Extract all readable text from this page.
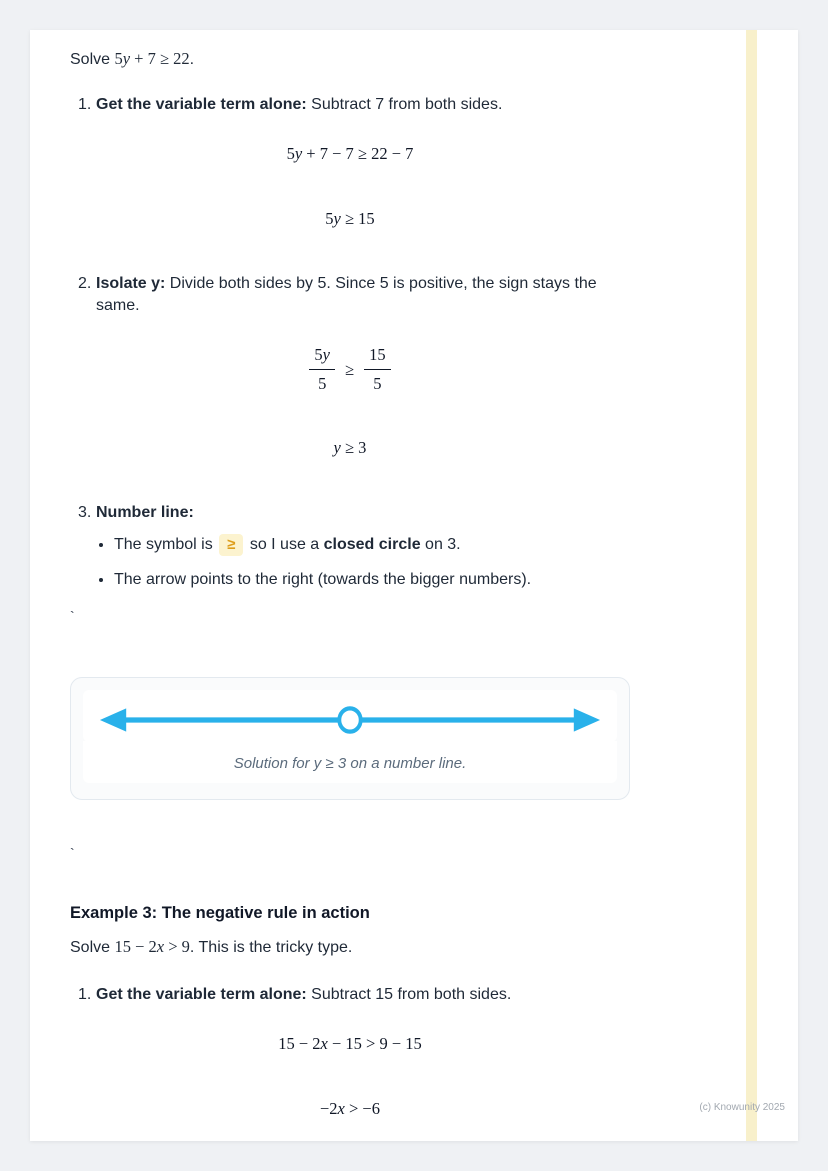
Solve 5y + 7 ≥ 22.

1. Get the variable term alone: Subtract 7 from both sides.
5y + 7 − 7 ≥ 22 − 7
5y ≥ 15
2. Isolate y: Divide both sides by 5. Since 5 is positive, the sign stays the same.
$\frac{5y}{5} \ge \frac{15}{5}$
y ≥ 3
3. Number line:
• The symbol is ≥ so I use a closed circle on 3.
• The arrow points to the right (towards the bigger numbers).

`

Solution for y ≥ 3 on a number line.

`

Example 3: The negative rule in action

Solve 15 − 2x > 9. This is the tricky type.

1. Get the variable term alone: Subtract 15 from both sides.
15 − 2x − 15 > 9 − 15
−2x > −6	(c) Knowunity 2025
